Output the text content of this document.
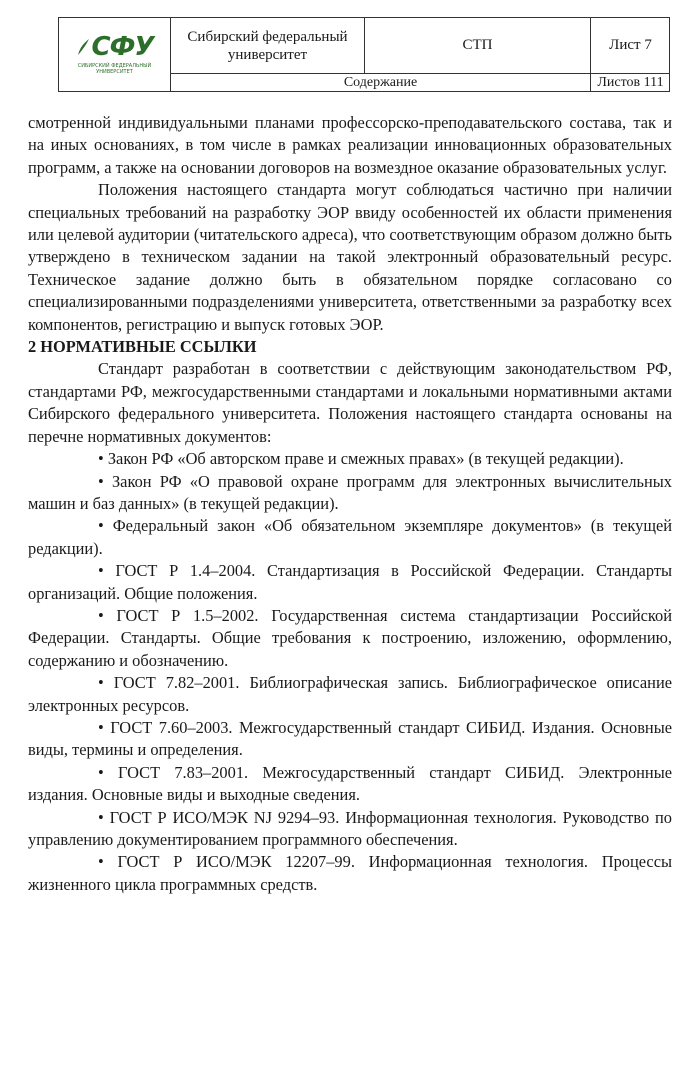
СФУ
СИБИРСКИЙ ФЕДЕРАЛЬНЫЙ УНИВЕРСИТЕТ
Сибирский федеральный
университет
СТП	Лист 7
Содержание	Листов 111

смотренной индивидуальными планами профессорско-преподавательского состава, так и на иных основаниях, в том числе в рамках реализации инновационных образовательных программ, а также на основании договоров на возмездное оказание образовательных услуг.

Положения настоящего стандарта могут соблюдаться частично при наличии специальных требований на разработку ЭОР ввиду особенностей их области применения или целевой аудитории (читательского адреса), что соответствующим образом должно быть утверждено в техническом задании на такой электронный образовательный ресурс. Техническое задание должно быть в обязательном порядке согласовано со специализированными подразделениями университета, ответственными за разработку всех компонентов, регистрацию и выпуск готовых ЭОР.

2 НОРМАТИВНЫЕ ССЫЛКИ

Стандарт разработан в соответствии с действующим законодательством РФ, стандартами РФ, межгосударственными стандартами и локальными нормативными актами Сибирского федерального университета. Положения настоящего стандарта основаны на перечне нормативных документов:

• Закон РФ «Об авторском праве и смежных правах» (в текущей редакции).

• Закон РФ «О правовой охране программ для электронных вычислительных машин и баз данных» (в текущей редакции).

• Федеральный закон «Об обязательном экземпляре документов» (в текущей редакции).

• ГОСТ Р 1.4–2004. Стандартизация в Российской Федерации. Стандарты организаций. Общие положения.

• ГОСТ Р 1.5–2002. Государственная система стандартизации Российской Федерации. Стандарты. Общие требования к построению, изложению, оформлению, содержанию и обозначению.

• ГОСТ 7.82–2001. Библиографическая запись. Библиографическое описание электронных ресурсов.

• ГОСТ 7.60–2003. Межгосударственный стандарт СИБИД. Издания. Основные виды, термины и определения.

• ГОСТ 7.83–2001. Межгосударственный стандарт СИБИД. Электронные издания. Основные виды и выходные сведения.

• ГОСТ Р ИСО/МЭК NJ 9294–93. Информационная технология. Руководство по управлению документированием программного обеспечения.

• ГОСТ Р ИСО/МЭК 12207–99. Информационная технология. Процессы жизненного цикла программных средств.
